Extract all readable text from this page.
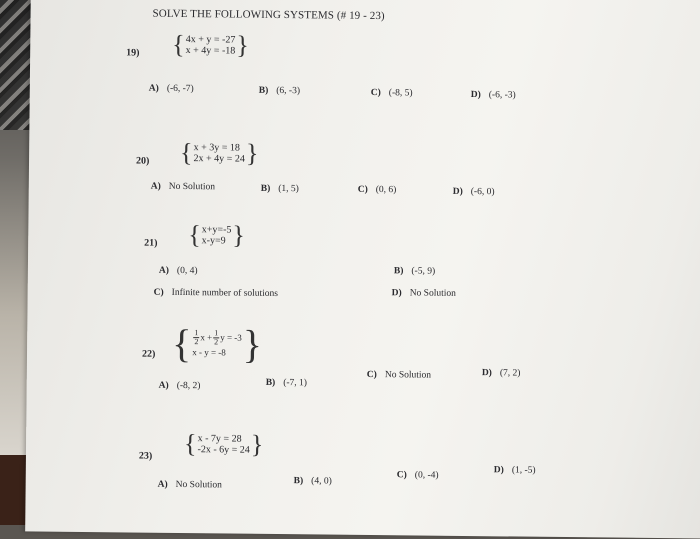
SOLVE THE FOLLOWING SYSTEMS (# 19 - 23)
19) { 4x + y = -27
x + 4y = -18 }
A) (-6, -7)	B) (6, -3)	C) (-8, 5)	D) (-6, -3)
20) { x + 3y = 18
2x + 4y = 24 }
A) No Solution	B) (1, 5)	C) (0, 6)	D) (-6, 0)
21) { x+y=-5
x-y=9 }
A) (0, 4)	B) (-5, 9)
C) Infinite number of solutions	D) No Solution
22) { $\frac{1}{2}$ $x + \frac{1}{2}$ y = -3
x - y = -8 }
A) (-8, 2)	B) (-7, 1)
C) No Solution	D) (7, 2)
23) { x - 7y = 28
-2x - 6y = 24 }
A) No Solution	B) (4, 0)
C) (0, -4)
D) (1, -5)
